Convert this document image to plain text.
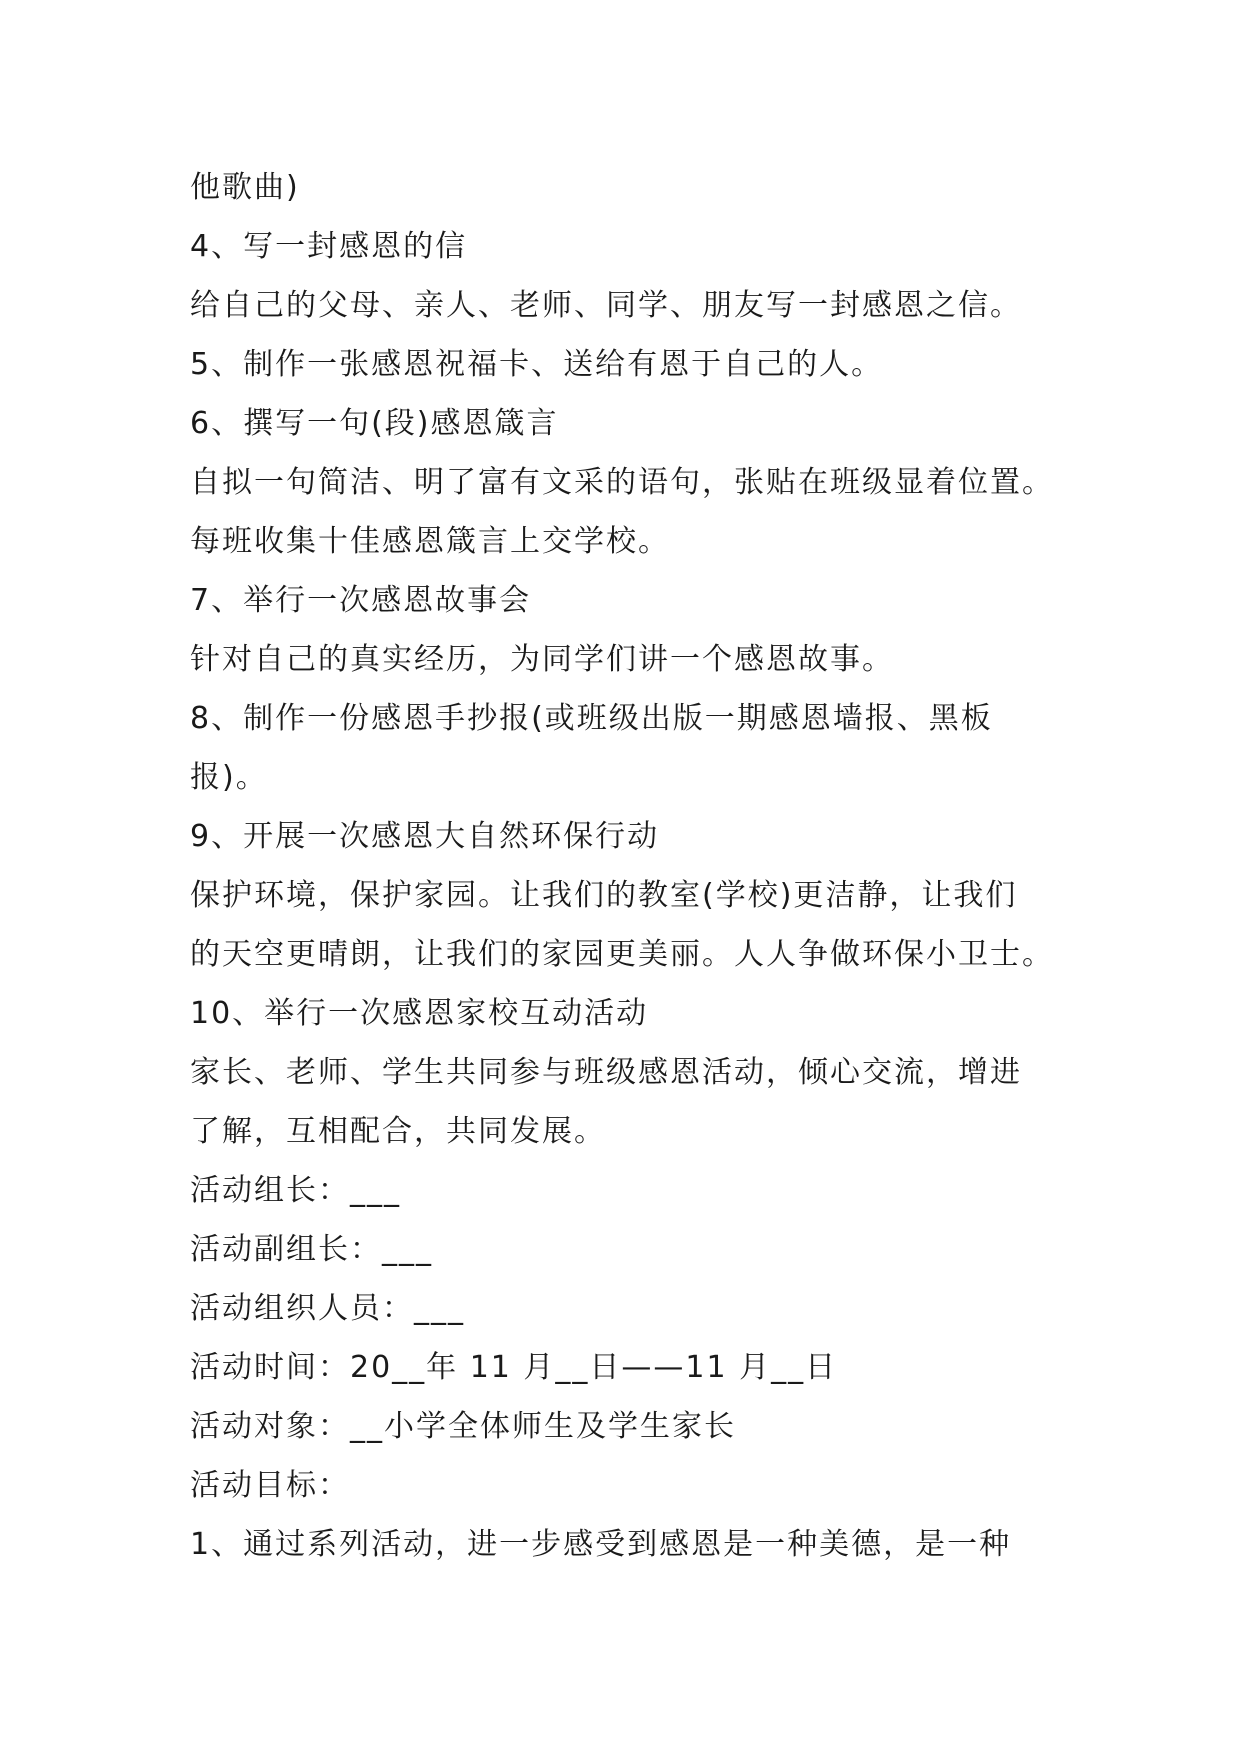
他歌曲)
4、写一封感恩的信
给自己的父母、亲人、老师、同学、朋友写一封感恩之信。
5、制作一张感恩祝福卡、送给有恩于自己的人。
6、撰写一句(段)感恩箴言
自拟一句简洁、明了富有文采的语句，张贴在班级显着位置。
每班收集十佳感恩箴言上交学校。
7、举行一次感恩故事会
针对自己的真实经历，为同学们讲一个感恩故事。
8、制作一份感恩手抄报(或班级出版一期感恩墙报、黑板
报)。
9、开展一次感恩大自然环保行动
保护环境，保护家园。让我们的教室(学校)更洁静，让我们
的天空更晴朗，让我们的家园更美丽。人人争做环保小卫士。
10、举行一次感恩家校互动活动
家长、老师、学生共同参与班级感恩活动，倾心交流，增进
了解，互相配合，共同发展。
活动组长：___
活动副组长：___
活动组织人员：___
活动时间：20__年 11 月__日——11 月__日
活动对象：__小学全体师生及学生家长
活动目标：
1、通过系列活动，进一步感受到感恩是一种美德，是一种
